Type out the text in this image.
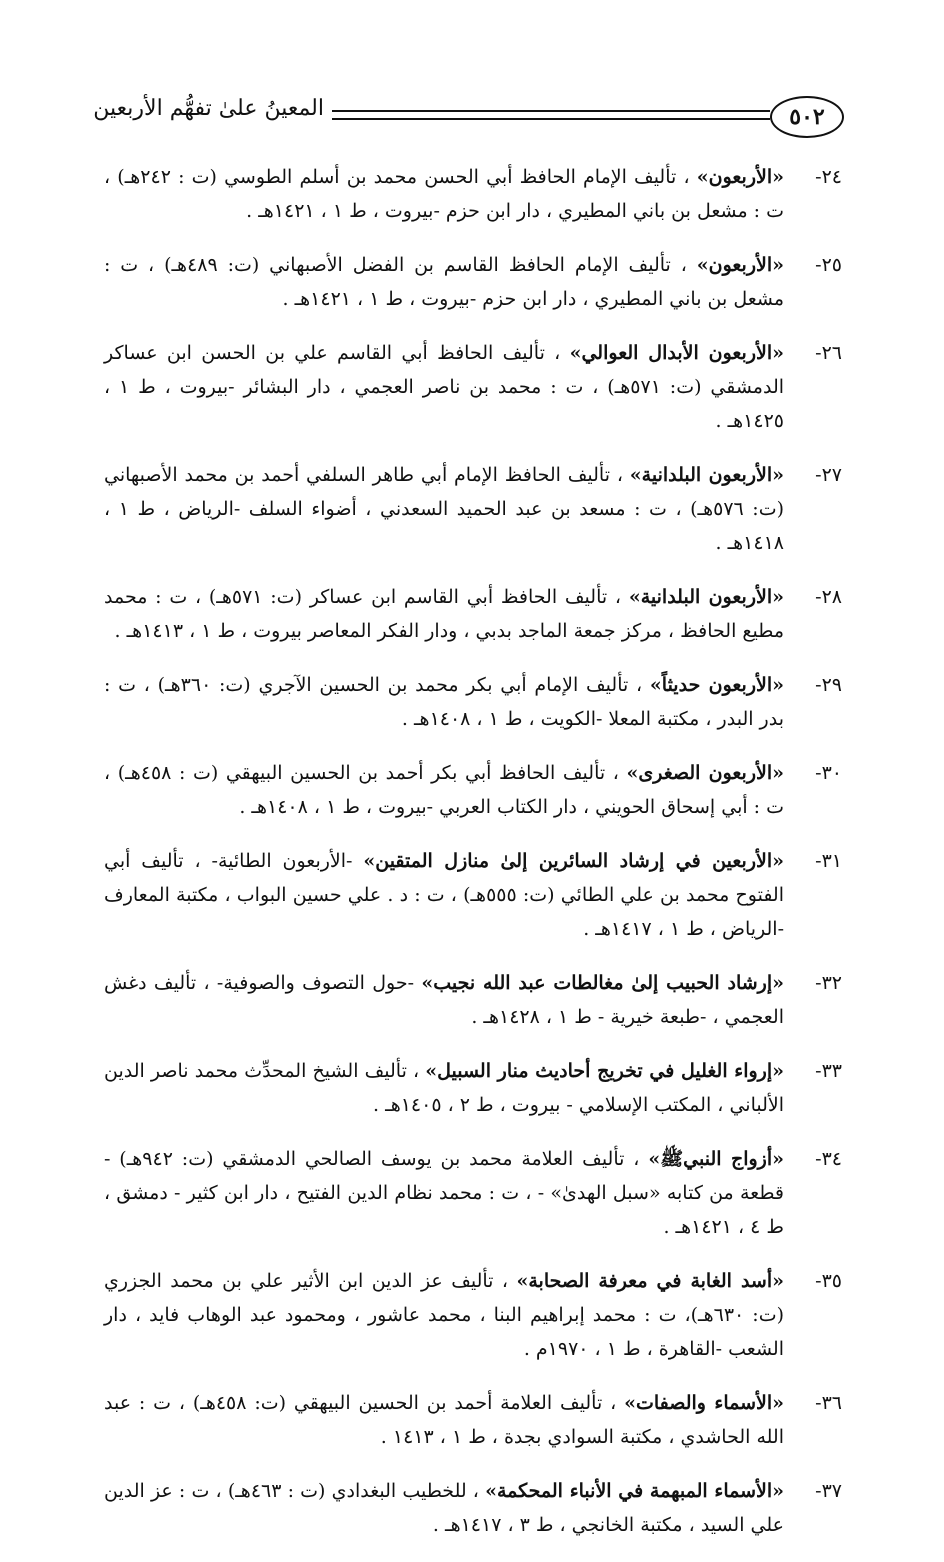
٥٠٢
المعينُ علىٰ تفهُّم الأربعين
٢٤-
«الأربعون» ، تأليف الإمام الحافظ أبي الحسن محمد بن أسلم الطوسي (ت : ٢٤٢هـ) ، ت : مشعل بن باني المطيري ، دار ابن حزم -بيروت ، ط ١ ، ١٤٢١هـ .
٢٥-
«الأربعون» ، تأليف الإمام الحافظ القاسم بن الفضل الأصبهاني (ت: ٤٨٩هـ) ، ت : مشعل بن باني المطيري ، دار ابن حزم -بيروت ، ط ١ ، ١٤٢١هـ .
٢٦-
«الأربعون الأبدال العوالي» ، تأليف الحافظ أبي القاسم علي بن الحسن ابن عساكر الدمشقي (ت: ٥٧١هـ) ، ت : محمد بن ناصر العجمي ، دار البشائر -بيروت ، ط ١ ، ١٤٢٥هـ .
٢٧-
«الأربعون البلدانية» ، تأليف الحافظ الإمام أبي طاهر السلفي أحمد بن محمد الأصبهاني (ت: ٥٧٦هـ) ، ت : مسعد بن عبد الحميد السعدني ، أضواء السلف -الرياض ، ط ١ ، ١٤١٨هـ .
٢٨-
«الأربعون البلدانية» ، تأليف الحافظ أبي القاسم ابن عساكر (ت: ٥٧١هـ) ، ت : محمد مطيع الحافظ ، مركز جمعة الماجد بدبي ، ودار الفكر المعاصر بيروت ، ط ١ ، ١٤١٣هـ .
٢٩-
«الأربعون حديثاً» ، تأليف الإمام أبي بكر محمد بن الحسين الآجري (ت: ٣٦٠هـ) ، ت : بدر البدر ، مكتبة المعلا -الكويت ، ط ١ ، ١٤٠٨هـ .
٣٠-
«الأربعون الصغرى» ، تأليف الحافظ أبي بكر أحمد بن الحسين البيهقي (ت : ٤٥٨هـ) ، ت : أبي إسحاق الحويني ، دار الكتاب العربي -بيروت ، ط ١ ، ١٤٠٨هـ .
٣١-
«الأربعين في إرشاد السائرين إلىٰ منازل المتقين» -الأربعون الطائية- ، تأليف أبي الفتوح محمد بن علي الطائي (ت: ٥٥٥هـ) ، ت : د . علي حسين البواب ، مكتبة المعارف -الرياض ، ط ١ ، ١٤١٧هـ .
٣٢-
«إرشاد الحبيب إلىٰ مغالطات عبد الله نجيب» -حول التصوف والصوفية- ، تأليف دغش العجمي ، -طبعة خيرية - ط ١ ، ١٤٢٨هـ .
٣٣-
«إرواء الغليل في تخريج أحاديث منار السبيل» ، تأليف الشيخ المحدِّث محمد ناصر الدين الألباني ، المكتب الإسلامي - بيروت ، ط ٢ ، ١٤٠٥هـ .
٣٤-
«أزواج النبيﷺ» ، تأليف العلامة محمد بن يوسف الصالحي الدمشقي (ت: ٩٤٢هـ) - قطعة من كتابه «سبل الهدىٰ» - ، ت : محمد نظام الدين الفتيح ، دار ابن كثير - دمشق ، ط ٤ ، ١٤٢١هـ .
٣٥-
«أسد الغابة في معرفة الصحابة» ، تأليف عز الدين ابن الأثير علي بن محمد الجزري (ت: ٦٣٠هـ)، ت : محمد إبراهيم البنا ، محمد عاشور ، ومحمود عبد الوهاب فايد ، دار الشعب -القاهرة ، ط ١ ، ١٩٧٠م .
٣٦-
«الأسماء والصفات» ، تأليف العلامة أحمد بن الحسين البيهقي (ت: ٤٥٨هـ) ، ت : عبد الله الحاشدي ، مكتبة السوادي بجدة ، ط ١ ، ١٤١٣ .
٣٧-
«الأسماء المبهمة في الأنباء المحكمة» ، للخطيب البغدادي (ت : ٤٦٣هـ) ، ت : عز الدين علي السيد ، مكتبة الخانجي ، ط ٣ ، ١٤١٧هـ .
